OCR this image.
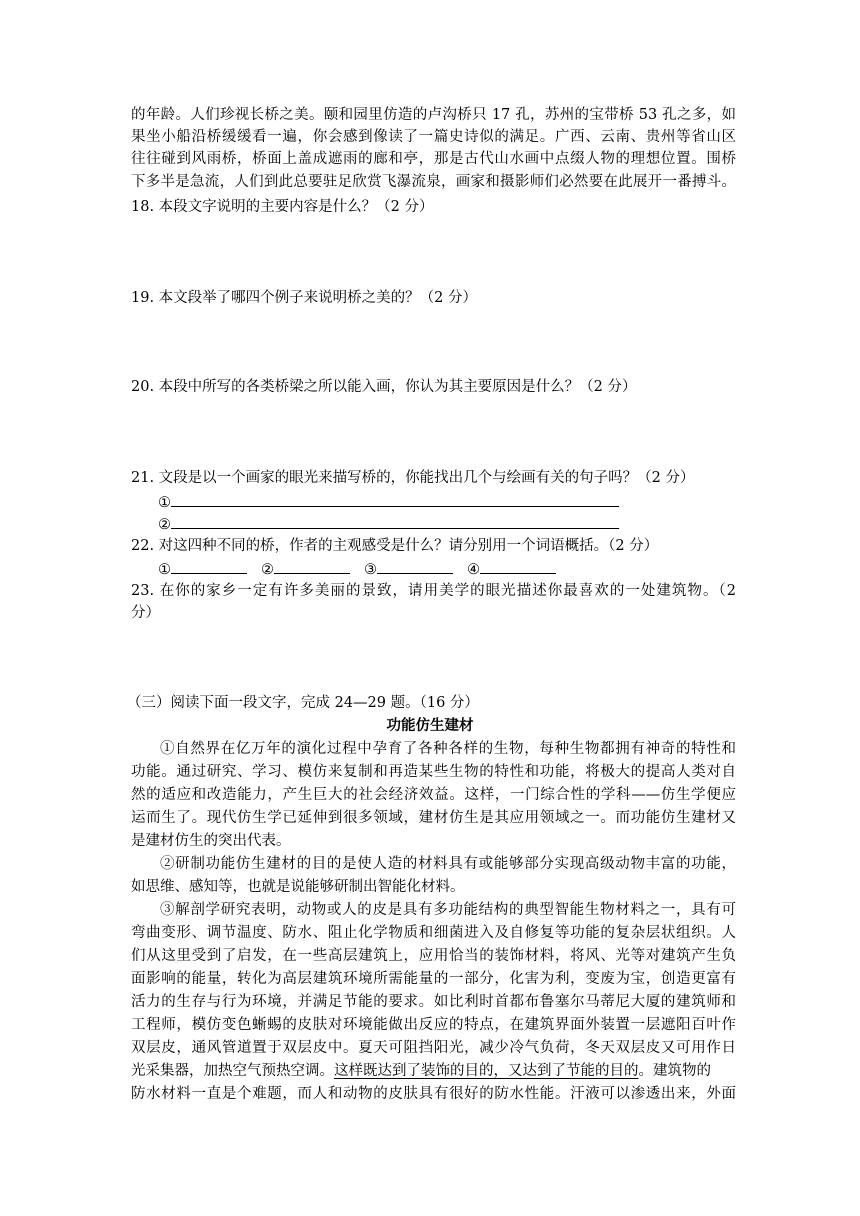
的年龄。人们珍视长桥之美。颐和园里仿造的卢沟桥只 17 孔，苏州的宝带桥 53 孔之多，如
果坐小船沿桥缓缓看一遍，你会感到像读了一篇史诗似的满足。广西、云南、贵州等省山区
往往碰到风雨桥，桥面上盖成遮雨的廊和亭，那是古代山水画中点缀人物的理想位置。围桥
下多半是急流，人们到此总要驻足欣赏飞瀑流泉，画家和摄影师们必然要在此展开一番搏斗。
18. 本段文字说明的主要内容是什么？（2 分）
19. 本文段举了哪四个例子来说明桥之美的？（2 分）
20. 本段中所写的各类桥梁之所以能入画，你认为其主要原因是什么？（2 分）
21. 文段是以一个画家的眼光来描写桥的，你能找出几个与绘画有关的句子吗？（2 分）
①
②
22. 对这四种不同的桥，作者的主观感受是什么？请分别用一个词语概括。（2 分）
①	②	③	④
23. 在你的家乡一定有许多美丽的景致，请用美学的眼光描述你最喜欢的一处建筑物。（2
分）
（三）阅读下面一段文字，完成 24—29 题。（16 分）
功能仿生建材
①自然界在亿万年的演化过程中孕育了各种各样的生物，每种生物都拥有神奇的特性和
功能。通过研究、学习、模仿来复制和再造某些生物的特性和功能，将极大的提高人类对自
然的适应和改造能力，产生巨大的社会经济效益。这样，一门综合性的学科——仿生学便应
运而生了。现代仿生学已延伸到很多领域，建材仿生是其应用领域之一。而功能仿生建材又
是建材仿生的突出代表。
②研制功能仿生建材的目的是使人造的材料具有或能够部分实现高级动物丰富的功能，
如思维、感知等，也就是说能够研制出智能化材料。
③解剖学研究表明，动物或人的皮是具有多功能结构的典型智能生物材料之一，具有可
弯曲变形、调节温度、防水、阻止化学物质和细菌进入及自修复等功能的复杂层状组织。人
们从这里受到了启发，在一些高层建筑上，应用恰当的装饰材料，将风、光等对建筑产生负
面影响的能量，转化为高层建筑环境所需能量的一部分，化害为利，变废为宝，创造更富有
活力的生存与行为环境，并满足节能的要求。如比利时首都布鲁塞尔马蒂尼大厦的建筑师和
工程师，模仿变色蜥蜴的皮肤对环境能做出反应的特点，在建筑界面外装置一层遮阳百叶作
双层皮，通风管道置于双层皮中。夏天可阻挡阳光，减少冷气负荷，冬天双层皮又可用作日
光采集器，加热空气预热空调。这样既达到了装饰的目的，又达到了节能的目的。建筑物的
防水材料一直是个难题，而人和动物的皮肤具有很好的防水性能。汗液可以渗透出来，外面
